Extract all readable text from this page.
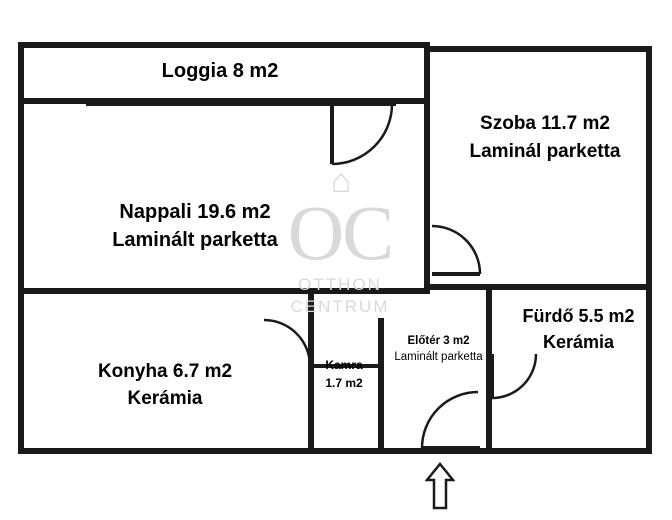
⌂
OC
OTTHON
CENTRUM
Loggia 8 m2
Nappali 19.6 m2
Laminált parketta
Szoba 11.7 m2
Laminál parketta
Fürdő 5.5 m2
Kerámia
Konyha 6.7 m2
Kerámia
Kamra
1.7 m2
Előtér 3 m2
Laminált parketta
